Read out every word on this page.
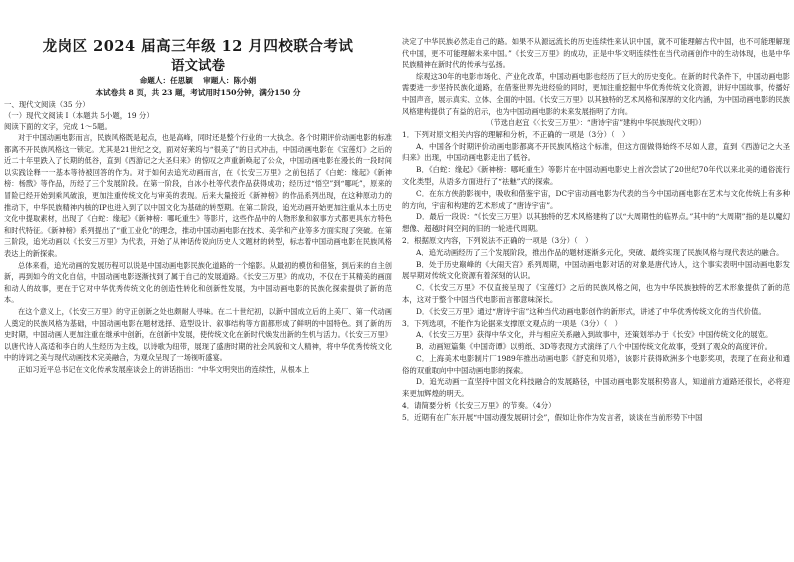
龙岗区 2024 届高三年级 12 月四校联合考试
语文试卷
命题人：任思颖　 审题人：陈小娟
本试卷共 8 页，共 23 题，考试用时150分钟，满分150 分
一、现代文阅读（35 分）
（一）现代文阅读 I（本题共 5小题，19 分）
阅读下面的文字，完成 1～5题。

对于中国动画电影而言，民族风格既是起点，也是高峰，同时还是整个行业的一大执念。各个时期评价动画电影的标准都离不开民族风格这一锁定。尤其是21世纪之交，面对好莱坞与“很美了”的日式冲击，中国动画电影在《宝莲灯》之后的近二十年里跌入了长期的低谷，直到《西游记之大圣归来》的惊叹之声重新唤起了公众，中国动画电影在漫长的一段时间以实践诠释一一基本等待被回答的作为。对于如何去追光动画而言，在《长安三万里》之前包括了《白蛇：缘起》《新神榜：杨戬》等作品，历经了三个发展阶段。在第一阶段，自冰小杜等代表作品获得成功；经历过“悟空”到“哪吒”，原来的冒险已经开始到乘风破浪，更加注重传统文化与审美的表现。后来大量接近《新神榜》的作品系列出现，在这种原动力的推动下，中华民族精神内核的IP也进入到了以中国文化为基础的转型期。在第二阶段，追光动画开始更加注重从本土历史文化中提取素材，出现了《白蛇：缘起》《新神榜：哪吒重生》等影片，这些作品中的人物形象和叙事方式都更具东方特色和时代特征。《新神榜》系列提出了“重工业化”的理念，推动中国动画电影在技术、美学和产业等多方面实现了突破。在第三阶段，追光动画以《长安三万里》为代表，开始了从神话传说向历史人文题材的转型，标志着中国动画电影在民族风格表达上的新探索。

总体来看，追光动画的发展历程可以说是中国动画电影民族化道路的一个缩影。从最初的模仿和借鉴，到后来的自主创新，再到如今的文化自信，中国动画电影逐渐找到了属于自己的发展道路。《长安三万里》的成功，不仅在于其精美的画面和动人的故事，更在于它对中华优秀传统文化的创造性转化和创新性发展，为中国动画电影的民族化探索提供了新的范本。

在这个意义上，《长安三万里》的守正创新之处也颇耐人寻味。在二十世纪初，以新中国成立后的上美厂、第一代动画人奠定的民族风格为基础，中国动画电影在题材选择、造型设计、叙事结构等方面都形成了鲜明的中国特色。到了新的历史时期，中国动画人更加注重在继承中创新，在创新中发展，使传统文化在新时代焕发出新的生机与活力。《长安三万里》以唐代诗人高适和李白的人生经历为主线，以诗歌为纽带，展现了盛唐时期的社会风貌和文人精神，将中华优秀传统文化中的诗词之美与现代动画技术完美融合，为观众呈现了一场视听盛宴。

正如习近平总书记在文化传承发展座谈会上的讲话指出：“中华文明突出的连续性，从根本上

决定了中华民族必然走自己的路。如果不从源远流长的历史连续性来认识中国，就不可能理解古代中国，也不可能理解现代中国，更不可能理解未来中国。”《长安三万里》的成功，正是中华文明连续性在当代动画创作中的生动体现，也是中华民族精神在新时代的传承与弘扬。

综观这30年的电影市场化、产业化改革，中国动画电影也经历了巨大的历史变化。在新的时代条件下，中国动画电影需要进一步坚持民族化道路，在借鉴世界先进经验的同时，更加注重挖掘中华优秀传统文化资源，讲好中国故事，传播好中国声音，展示真实、立体、全面的中国。《长安三万里》以其独特的艺术风格和深厚的文化内涵，为中国动画电影的民族风格建构提供了有益的启示，也为中国动画电影的未来发展指明了方向。

（节选自赵宜《〈长安三万里〉：“唐诗宇宙”建构中华民族现代文明》）

1．下列对原文相关内容的理解和分析，不正确的一项是（3分）（　）

A．中国各个时期评价动画电影都离不开民族风格这个标准，但这方面做得始终不尽如人意，直到《西游记之大圣归来》出现，中国动画电影走出了低谷。

B．《白蛇：缘起》《新神榜：哪吒重生》等影片在中国动画电影史上首次尝试了20世纪70年代以来北美的通俗流行文化类型，从语多方面进行了“祛魅”式的探索。

C．在东方侠韵影视中，吸收和借鉴宇宙，DC宇宙动画电影为代表的当今中国动画电影在艺术与文化传统上有多种的方向，宇宙和构建的艺术形成了“唐诗宇宙”。

D．最后一段说：“《长安三万里》以其独特的艺术风格建构了以“大周期性的临界点。”其中的“大周期”指的是以魔幻想像、超越时间空间的旧的一轮进代周期。

2．根据原文内容，下列说法不正确的一项是（3分）（　）

A．追光动画经历了三个发展阶段，推出作品的题材逐渐多元化，突破、最终实现了民族风格与现代表达的融合。

B．处于历史巅峰的《大闹天宫》系列周期，中国动画电影对话的对象是唐代诗人，这个事实表明中国动画电影发展早期对传统文化资源有着深刻的认识。

C．《长安三万里》不仅直接呈现了《宝莲灯》之后的民族风格之间，也为中华民族独特的艺术形象提供了新的范本，这对于整个中国当代电影而言都意味深长。

D．《长安三万里》通过“唐诗宇宙”这种当代动画电影创作的新形式，讲述了中华优秀传统文化的当代价值。

3．下列选项，不能作为论据来支撑原文观点的一项是（3分）（　）

A．《长安三万里》获得中华文化，并与相应关系融入到故事中，还策划举办于《长安》中国传统文化的展览。

B．动画短篇集《中国奇谭》以剪纸、3D等表现方式演绎了八个中国传统文化故事，受到了观众的高度评价。

C．上海美术电影制片厂1989年推出动画电影《舒克和贝塔》，该影片获得欧洲多个电影奖项，表现了在商业和通俗的双重取向中中国动画电影的探索。

D．追光动画一直坚持中国文化科技融合的发展路径，中国动画电影发展积势喜人，知道前方道路还很长，必将迎来更加辉煌的明天。

4．请简要分析《长安三万里》的节奏。（4分）

5．近期有在广东开展“中国动漫发展研讨会”，假如让你作为发言者，谈谈在当前形势下中国
